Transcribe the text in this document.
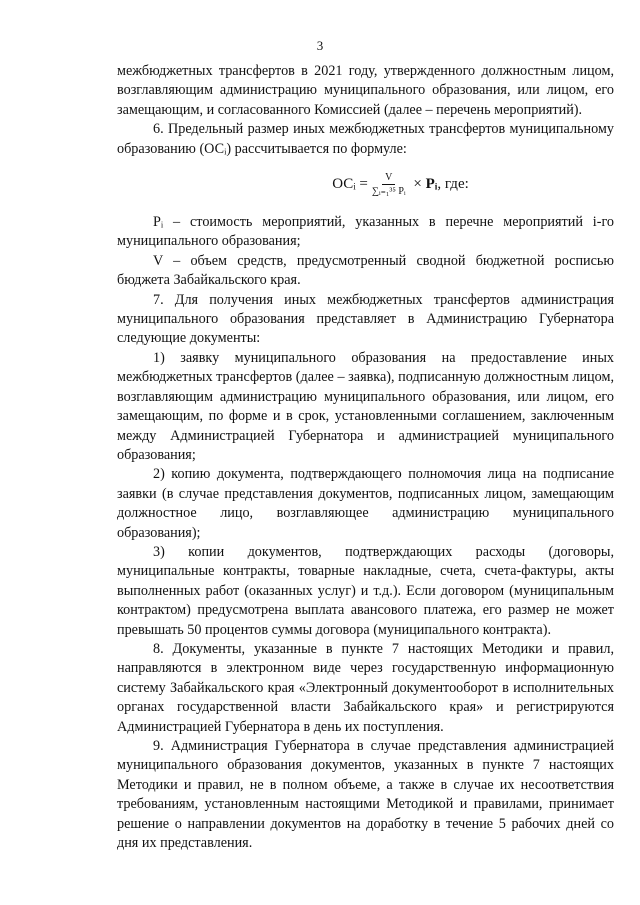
3

межбюджетных трансфертов в 2021 году, утвержденного должностным лицом, возглавляющим администрацию муниципального образования, или лицом, его замещающим, и согласованного Комиссией (далее – перечень мероприятий).

6. Предельный размер иных межбюджетных трансфертов муниципальному образованию (ОСᵢ) рассчитывается по формуле:

ОСᵢ = $\frac{V}{\text{∑ᵢ₌₁³⁵ Pᵢ}}$ × Pᵢ , где:

Pᵢ – стоимость мероприятий, указанных в перечне мероприятий i-го муниципального образования;

V – объем средств, предусмотренный сводной бюджетной росписью бюджета Забайкальского края.

7. Для получения иных межбюджетных трансфертов администрация муниципального образования представляет в Администрацию Губернатора следующие документы:

1) заявку муниципального образования на предоставление иных межбюджетных трансфертов (далее – заявка), подписанную должностным лицом, возглавляющим администрацию муниципального образования, или лицом, его замещающим, по форме и в срок, установленными соглашением, заключенным между Администрацией Губернатора и администрацией муниципального образования;

2) копию документа, подтверждающего полномочия лица на подписание заявки (в случае представления документов, подписанных лицом, замещающим должностное лицо, возглавляющее администрацию муниципального образования);

3) копии документов, подтверждающих расходы (договоры, муниципальные контракты, товарные накладные, счета, счета-фактуры, акты выполненных работ (оказанных услуг) и т.д.). Если договором (муниципальным контрактом) предусмотрена выплата авансового платежа, его размер не может превышать 50 процентов суммы договора (муниципального контракта).

8. Документы, указанные в пункте 7 настоящих Методики и правил, направляются в электронном виде через государственную информационную систему Забайкальского края «Электронный документооборот в исполнительных органах государственной власти Забайкальского края» и регистрируются Администрацией Губернатора в день их поступления.

9. Администрация Губернатора в случае представления администрацией муниципального образования документов, указанных в пункте 7 настоящих Методики и правил, не в полном объеме, а также в случае их несоответствия требованиям, установленным настоящими Методикой и правилами, принимает решение о направлении документов на доработку в течение 5 рабочих дней со дня их представления.
